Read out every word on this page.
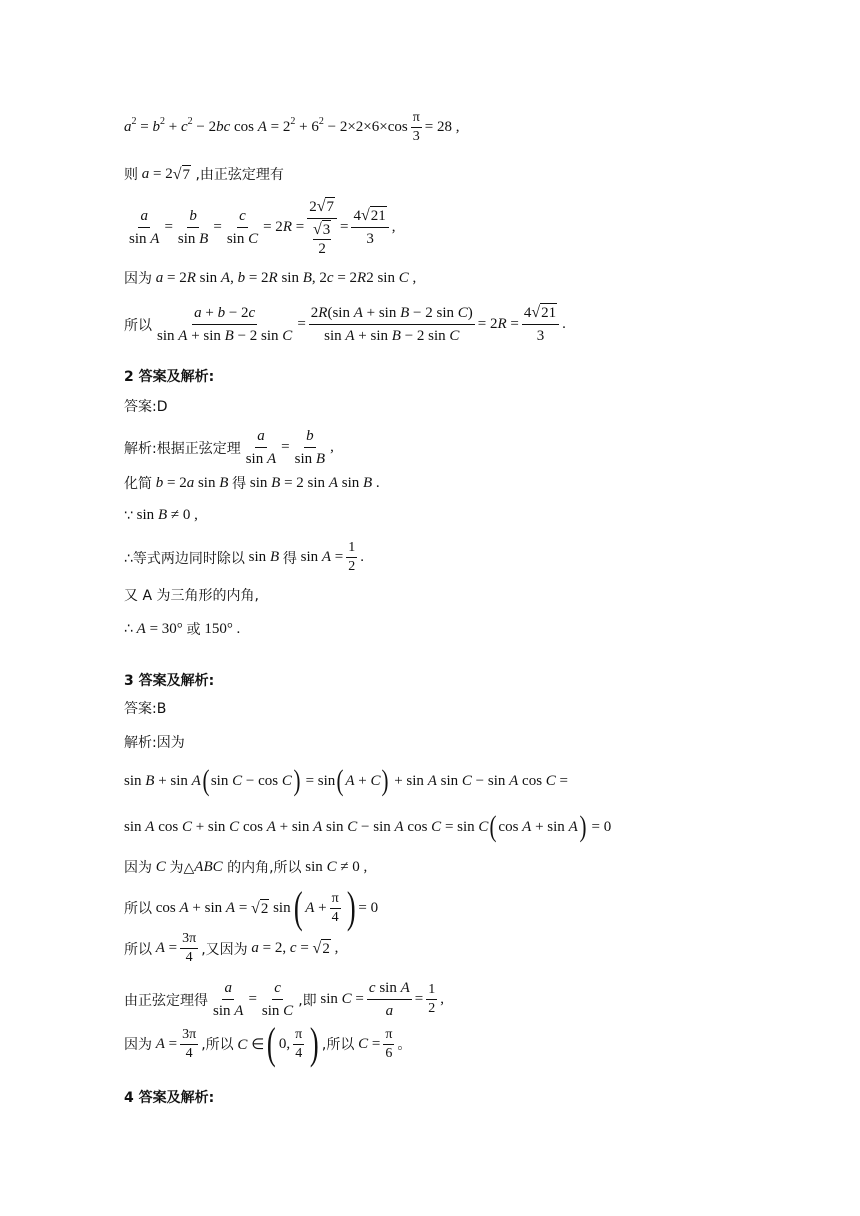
$a^2 = b^2 + c^2 - 2bc$ $\cos A = 2^2 + 6^2 - 2\times 2\times 6\times\cos \frac{\pi}{3} = 28$ ,
则 a = 2 √ 7 ,由正弦定理有
$\frac{a}{\text{sin A}} = \frac{b}{\text{sin B}} = \frac{c}{\text{sin C}} = 2R = 2$ √ 7
√ 3
$2 = \frac{4 √ 21}{3}$ ,
因为 a = 2R sin A, b = 2R sin B, 2c = 2R2 sin C ,
所以 $\frac{a + b - 2c}{\text{sin A + sin B − 2 sin C}} = \frac{\text{2R(sin A + sin B − 2 sin C)}}{\text{sin A + sin B − 2 sin C}} = 2R = \frac{4 √ 21}{3}$ .
2 答案及解析:
答案:D
解析:根据正弦定理 $\frac{a}{\text{sin A}} = \frac{b}{\text{sin B}}$ ,
化简 b = 2a sin B 得 sin B = 2 sin A sin B .
∵ sin B ≠ 0 ,
∴等式两边同时除以 sin B 得 $\sin A = \frac{1}{2}$ .
又 A 为三角形的内角,
∴ A = 30° 或 150° .
3 答案及解析:
答案:B
解析:因为
sin B + sin A ( sin C − cos C ) = sin ( A + C ) + sin A sin C − sin A cos C =
sin A cos C + sin C cos A + sin A sin C − sin A cos C = sin C ( cos A + sin A ) = 0
因为 C 为△ ABC 的内角,所以 sin C ≠ 0 ,
所以 cos A + sin A = √ 2 sin ( $A + \frac{\pi}{4}$ ) = 0
所以 $A = \frac{3\pi}{4}$ ,又因为 a = 2, c = √ 2 ,
由正弦定理得 $\frac{a}{\text{sin A}} = \frac{c}{\text{sin C}}$ ,即 $\sin C = \frac{\text{c sin A}}{a} = \frac{1}{2}$ ,
因为 $A = \frac{3\pi}{4}$ ,所以 C ∈ ( 0, $\frac{\pi}{4}$ ) ,所以 $C = \frac{\pi}{6}$ 。
4 答案及解析:
